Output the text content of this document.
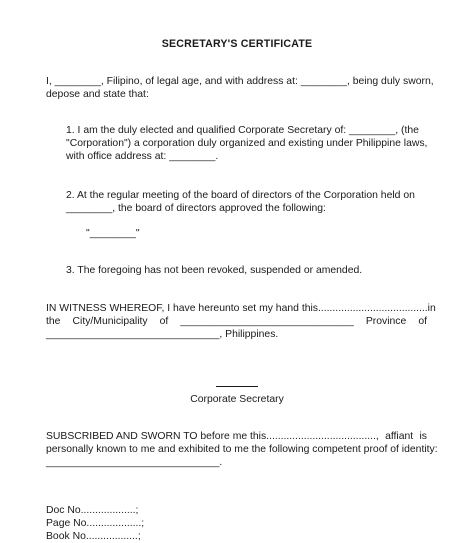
SECRETARY'S CERTIFICATE
I, ________, Filipino, of legal age, and with address at: ________, being duly sworn,
depose and state that:
1. I am the duly elected and qualified Corporate Secretary of: ________, (the
"Corporation") a corporation duly organized and existing under Philippine laws,
with office address at: ________.
2. At the regular meeting of the board of directors of the Corporation held on
________, the board of directors approved the following:
"________"
3. The foregoing has not been revoked, suspended or amended.
IN WITNESS WHEREOF, I have hereunto set my hand this......................................in
the City/Municipality of ______________________________ Province of
______________________________, Philippines.
Corporate Secretary
SUBSCRIBED AND SWORN TO before me this......................................, affiant is
personally known to me and exhibited to me the following competent proof of identity:
______________________________.
Doc No...................;
Page No...................;
Book No..................;
